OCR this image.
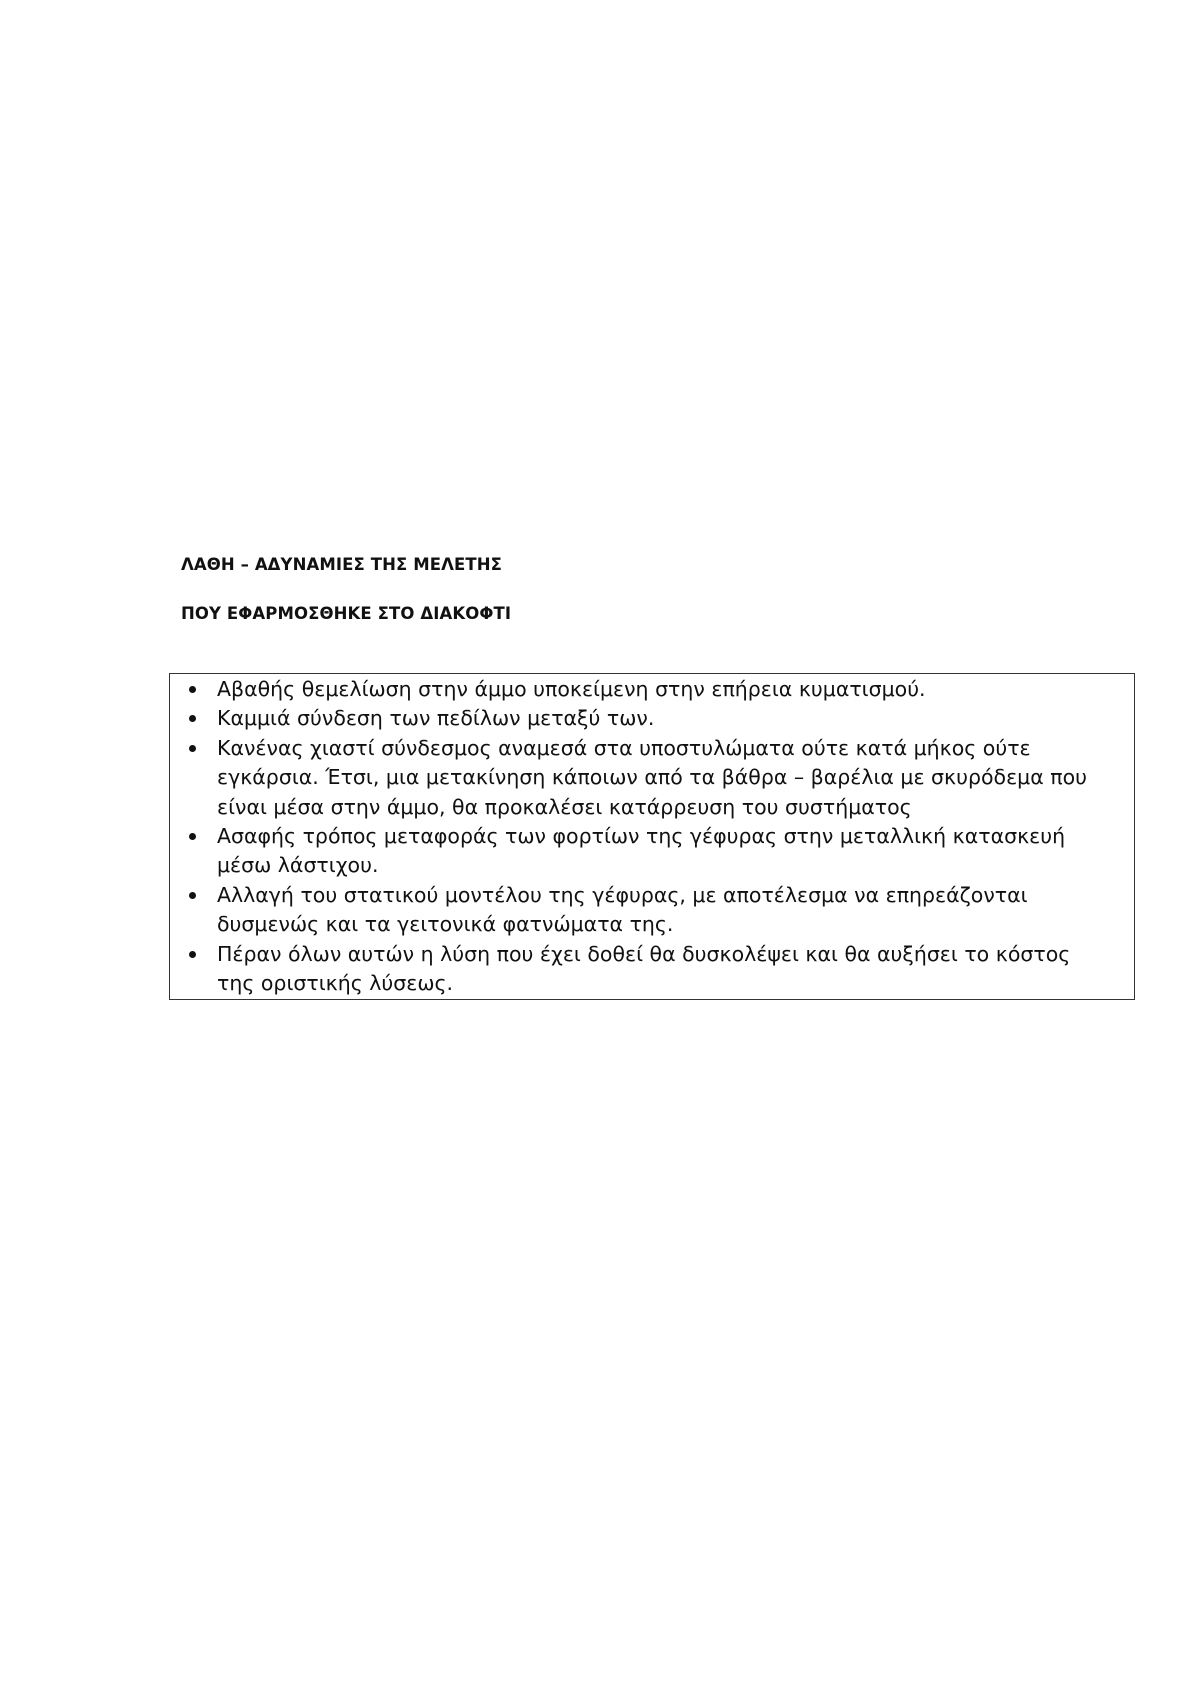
ΛΑΘΗ – ΑΔΥΝΑΜΙΕΣ ΤΗΣ ΜΕΛΕΤΗΣ
ΠΟΥ ΕΦΑΡΜΟΣΘΗΚΕ ΣΤΟ ΔΙΑΚΟΦΤΙ
Αβαθής θεμελίωση στην άμμο υποκείμενη στην επήρεια κυματισμού.
Καμμιά σύνδεση των πεδίλων μεταξύ των.
Κανένας χιαστί σύνδεσμος αναμεσά στα υποστυλώματα ούτε κατά μήκος ούτε εγκάρσια. Έτσι, μια μετακίνηση κάποιων από τα βάθρα – βαρέλια με σκυρόδεμα που είναι μέσα στην άμμο, θα προκαλέσει κατάρρευση του συστήματος
Ασαφής τρόπος μεταφοράς των φορτίων της γέφυρας στην μεταλλική κατασκευή μέσω λάστιχου.
Αλλαγή του στατικού μοντέλου της γέφυρας, με αποτέλεσμα να επηρεάζονται δυσμενώς και τα γειτονικά φατνώματα της.
Πέραν όλων αυτών η λύση που έχει δοθεί θα δυσκολέψει και θα αυξήσει το κόστος της οριστικής λύσεως.
